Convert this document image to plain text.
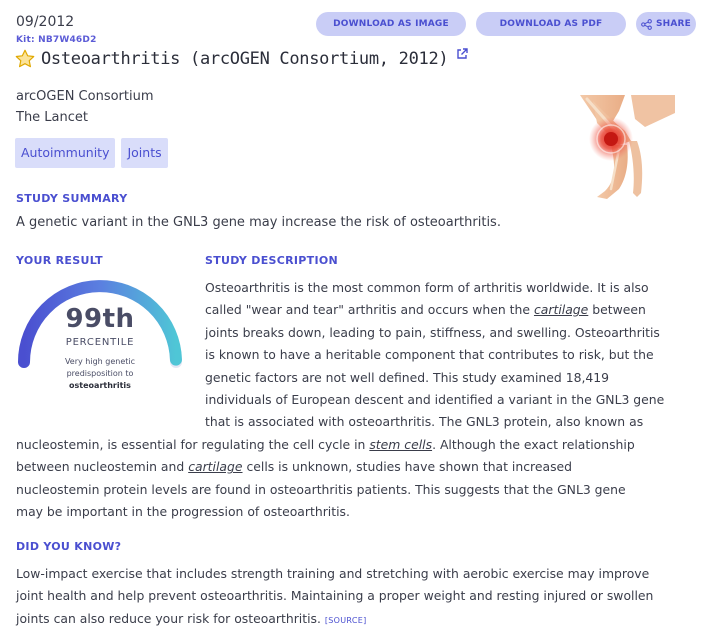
09/2012
Kit: NB7W46D2
DOWNLOAD AS IMAGE	DOWNLOAD AS PDF	SHARE
Osteoarthritis (arcOGEN Consortium, 2012)
arcOGEN Consortium
The Lancet
Autoimmunity	Joints
STUDY SUMMARY
A genetic variant in the GNL3 gene may increase the risk of osteoarthritis.
YOUR RESULT	STUDY DESCRIPTION
99th
PERCENTILE
Very high genetic
predisposition to
osteoarthritis

Osteoarthritis is the most common form of arthritis worldwide. It is also

called "wear and tear" arthritis and occurs when the cartilage between

joints breaks down, leading to pain, stiffness, and swelling. Osteoarthritis

is known to have a heritable component that contributes to risk, but the

genetic factors are not well defined. This study examined 18,419

individuals of European descent and identified a variant in the GNL3 gene

that is associated with osteoarthritis. The GNL3 protein, also known as

nucleostemin, is essential for regulating the cell cycle in stem cells. Although the exact relationship

between nucleostemin and cartilage cells is unknown, studies have shown that increased

nucleostemin protein levels are found in osteoarthritis patients. This suggests that the GNL3 gene

may be important in the progression of osteoarthritis.

DID YOU KNOW?

Low-impact exercise that includes strength training and stretching with aerobic exercise may improve

joint health and help prevent osteoarthritis. Maintaining a proper weight and resting injured or swollen

joints can also reduce your risk for osteoarthritis. [SOURCE]
